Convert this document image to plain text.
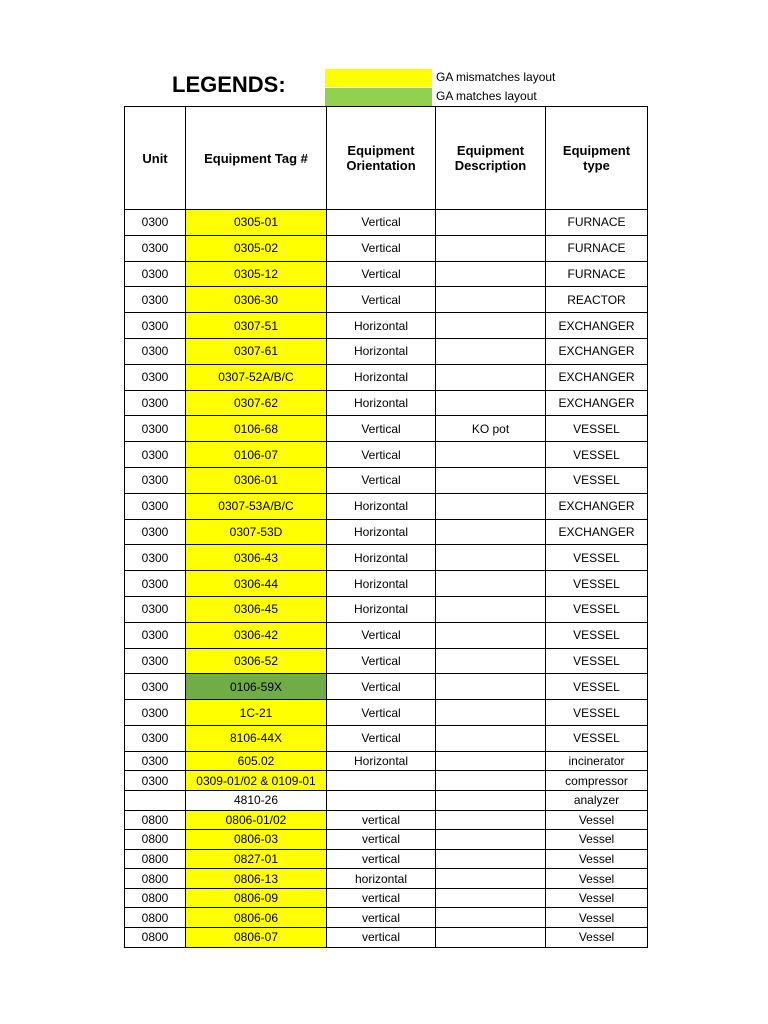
LEGENDS:	GA mismatches layout
GA matches layout
Unit	Equipment Tag #	Equipment Orientation	Equipment Description	Equipment type
0300	0305-01	Vertical		FURNACE
0300	0305-02	Vertical		FURNACE
0300	0305-12	Vertical		FURNACE
0300	0306-30	Vertical		REACTOR
0300	0307-51	Horizontal		EXCHANGER
0300	0307-61	Horizontal		EXCHANGER
0300	0307-52A/B/C	Horizontal		EXCHANGER
0300	0307-62	Horizontal		EXCHANGER
0300	0106-68	Vertical	KO pot	VESSEL
0300	0106-07	Vertical		VESSEL
0300	0306-01	Vertical		VESSEL
0300	0307-53A/B/C	Horizontal		EXCHANGER
0300	0307-53D	Horizontal		EXCHANGER
0300	0306-43	Horizontal		VESSEL
0300	0306-44	Horizontal		VESSEL
0300	0306-45	Horizontal		VESSEL
0300	0306-42	Vertical		VESSEL
0300	0306-52	Vertical		VESSEL
0300	0106-59X	Vertical		VESSEL
0300	1C-21	Vertical		VESSEL
0300	8106-44X	Vertical		VESSEL
0300	605.02	Horizontal		incinerator
0300	0309-01/02 & 0109-01			compressor
	4810-26			analyzer
0800	0806-01/02	vertical		Vessel
0800	0806-03	vertical		Vessel
0800	0827-01	vertical		Vessel
0800	0806-13	horizontal		Vessel
0800	0806-09	vertical		Vessel
0800	0806-06	vertical		Vessel
0800	0806-07	vertical		Vessel
